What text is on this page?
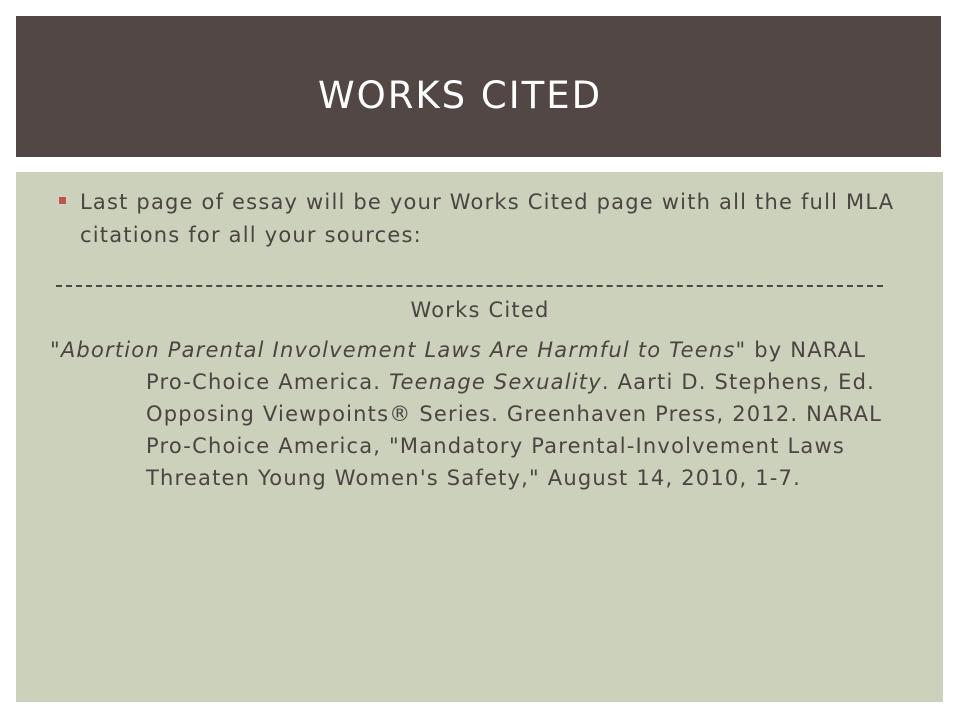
WORKS CITED
Last page of essay will be your Works Cited page with all the full MLA citations for all your sources:
Works Cited
"Abortion Parental Involvement Laws Are Harmful to Teens" by NARAL Pro-Choice America. Teenage Sexuality. Aarti D. Stephens, Ed. Opposing Viewpoints® Series. Greenhaven Press, 2012. NARAL Pro-Choice America, "Mandatory Parental-Involvement Laws Threaten Young Women's Safety," August 14, 2010, 1-7.
